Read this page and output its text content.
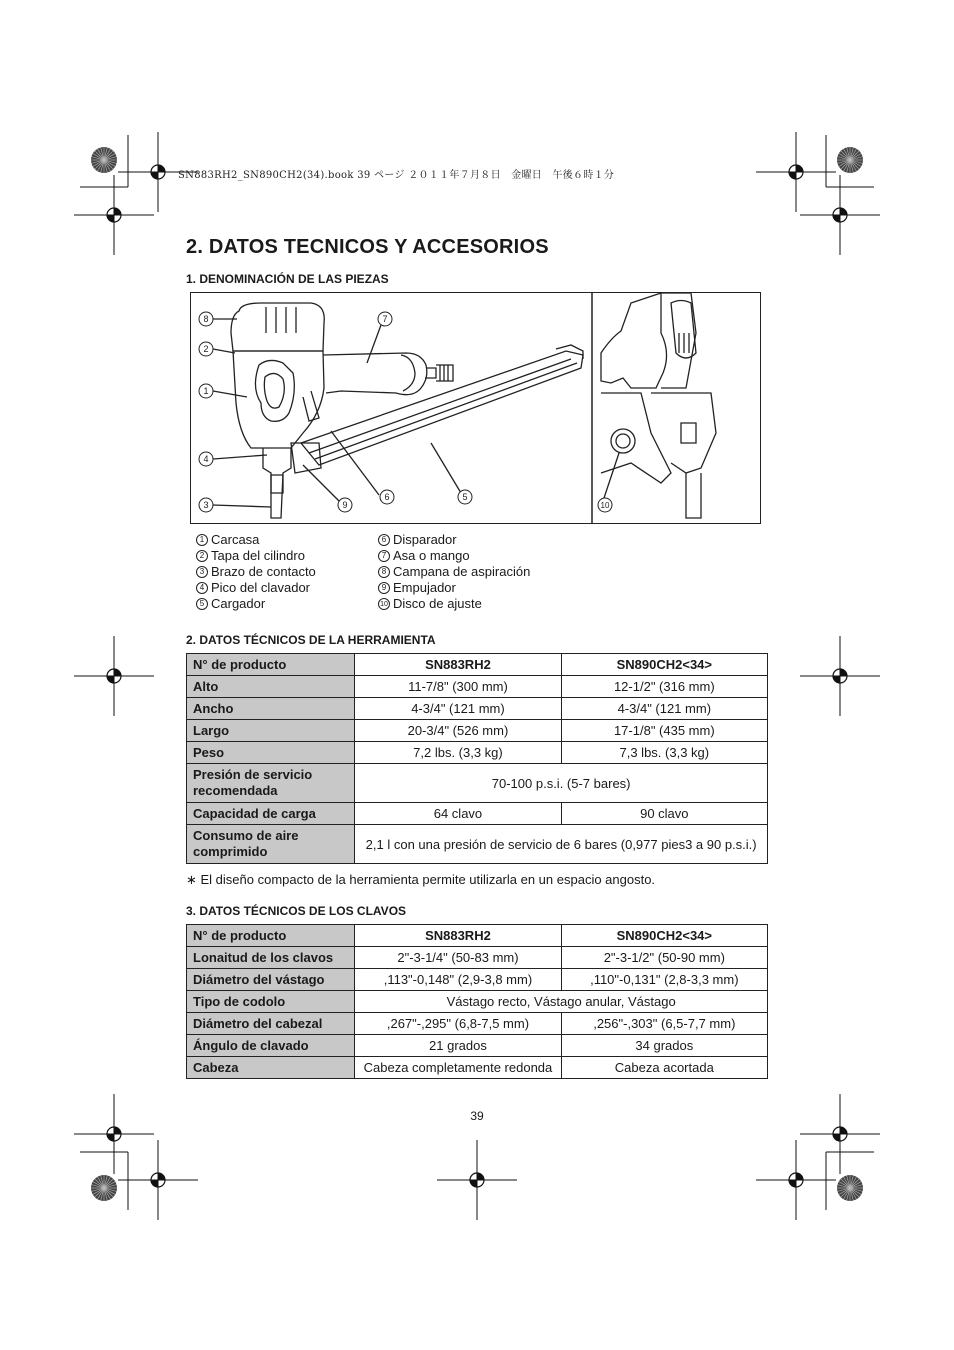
SN883RH2_SN890CH2(34).book 39 ページ ２０１１年７月８日　金曜日　午後６時１分
2. DATOS TECNICOS Y ACCESORIOS
1. DENOMINACIÓN DE LAS PIEZAS
8
2
1
4
3
7
6
9
5
10
1 Carcasa
2 Tapa del cilindro
3 Brazo de contacto
4 Pico del clavador
5 Cargador
6 Disparador
7 Asa o mango
8 Campana de aspiración
9 Empujador
10 Disco de ajuste
2. DATOS TÉCNICOS DE LA HERRAMIENTA
N° de producto	SN883RH2	SN890CH2<34>
Alto	11-7/8" (300 mm)	12-1/2" (316 mm)
Ancho	4-3/4" (121 mm)	4-3/4" (121 mm)
Largo	20-3/4" (526 mm)	17-1/8" (435 mm)
Peso	7,2 lbs. (3,3 kg)	7,3 lbs. (3,3 kg)
Presión de servicio recomendada	70-100 p.s.i. (5-7 bares)	
Capacidad de carga	64 clavo	90 clavo
Consumo de aire comprimido	2,1 l con una presión de servicio de 6 bares (0,977 pies3 a 90 p.s.i.)	
∗ El diseño compacto de la herramienta permite utilizarla en un espacio angosto.
3. DATOS TÉCNICOS DE LOS CLAVOS
N° de producto	SN883RH2	SN890CH2<34>
Lonaitud de los clavos	2"-3-1/4" (50-83 mm)	2"-3-1/2" (50-90 mm)
Diámetro del vástago	,113"-0,148" (2,9-3,8 mm)	,110"-0,131" (2,8-3,3 mm)
Tipo de codolo	Vástago recto, Vástago anular, Vástago	
Diámetro del cabezal	,267"-,295" (6,8-7,5 mm)	,256"-,303" (6,5-7,7 mm)
Ángulo de clavado	21 grados	34 grados
Cabeza	Cabeza completamente redonda	Cabeza acortada
39
